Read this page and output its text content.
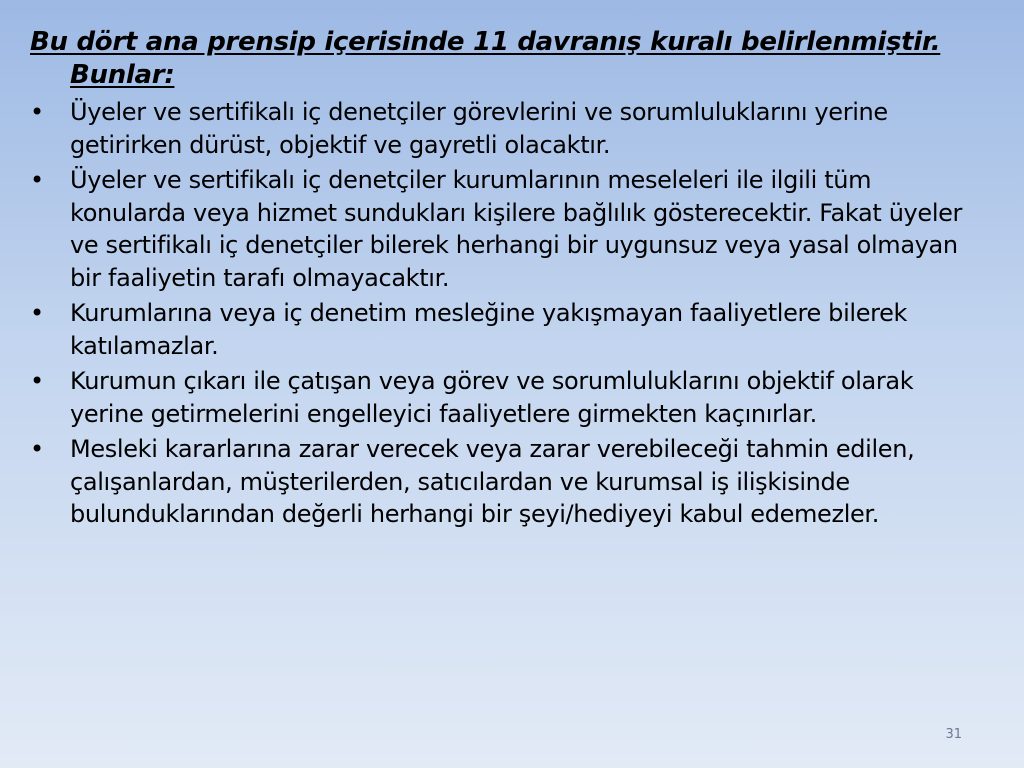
Bu dört ana prensip içerisinde 11 davranış kuralı belirlenmiştir. Bunlar:

• Üyeler ve sertifikalı iç denetçiler görevlerini ve sorumluluklarını yerine getirirken dürüst, objektif ve gayretli olacaktır.
• Üyeler ve sertifikalı iç denetçiler kurumlarının meseleleri ile ilgili tüm konularda veya hizmet sundukları kişilere bağlılık gösterecektir. Fakat üyeler ve sertifikalı iç denetçiler bilerek herhangi bir uygunsuz veya yasal olmayan bir faaliyetin tarafı olmayacaktır.
• Kurumlarına veya iç denetim mesleğine yakışmayan faaliyetlere bilerek katılamazlar.
• Kurumun çıkarı ile çatışan veya görev ve sorumluluklarını objektif olarak yerine getirmelerini engelleyici faaliyetlere girmekten kaçınırlar.
• Mesleki kararlarına zarar verecek veya zarar verebileceği tahmin edilen, çalışanlardan, müşterilerden, satıcılardan ve kurumsal iş ilişkisinde bulunduklarından değerli herhangi bir şeyi/hediyeyi kabul edemezler.
31
